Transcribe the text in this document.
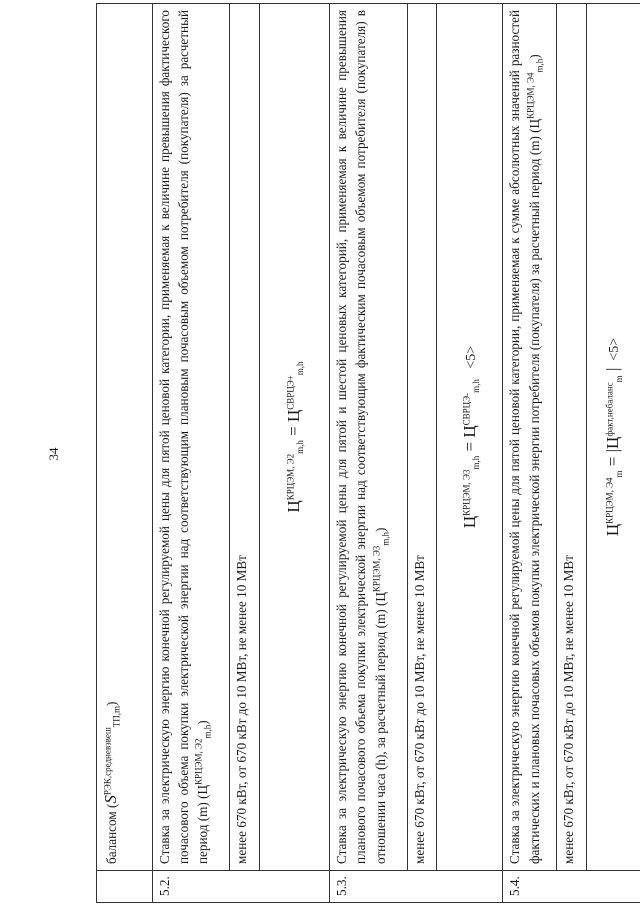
34
	балансом $(S^{РЭК,средневзвеш}_{ТП,m})$
5.2.	Ставка за электрическую энергию конечной регулируемой цены для пятой ценовой категории, применяемая к величине превышения фактического почасового объема покупки электрической энергии над соответствующим плановым почасовым объемом потребителя (покупателя) за расчетный период (m) $(Ц^{КРЦЭМ, Э2}_{m,h})$
	менее 670 кВт, от 670 кВт до 10 МВт, не менее 10 МВт
	$Ц^{КРЦЭМ, Э2}_{m,h} = Ц^{СВРЦЭ+}_{m,h}$
5.3.	Ставка за электрическую энергию конечной регулируемой цены для пятой и шестой ценовых категорий, применяемая к величине превышения планового почасового объема покупки электрической энергии над соответствующим фактическим почасовым объемом потребителя (покупателя) в отношении часа (h), за расчетный период (m) $(Ц^{КРЦЭМ, Э3}_{m,h})$
	менее 670 кВт, от 670 кВт до 10 МВт, не менее 10 МВт
	$Ц^{КРЦЭМ, Э3}_{m,h} = Ц^{СВРЦЭ-}_{m,h} <5>$
5.4.	Ставка за электрическую энергию конечной регулируемой цены для пятой ценовой категории, применяемая к сумме абсолютных значений разностей фактических и плановых почасовых объемов покупки электрической энергии потребителя (покупателя) за расчетный период (m) $(Ц^{КРЦЭМ, Э4}_{m,h})$
	менее 670 кВт, от 670 кВт до 10 МВт, не менее 10 МВт
	$Ц^{КРЦЭМ, Э4}_m = |Ц^{факт,небаланс}_m$ |  <5>
